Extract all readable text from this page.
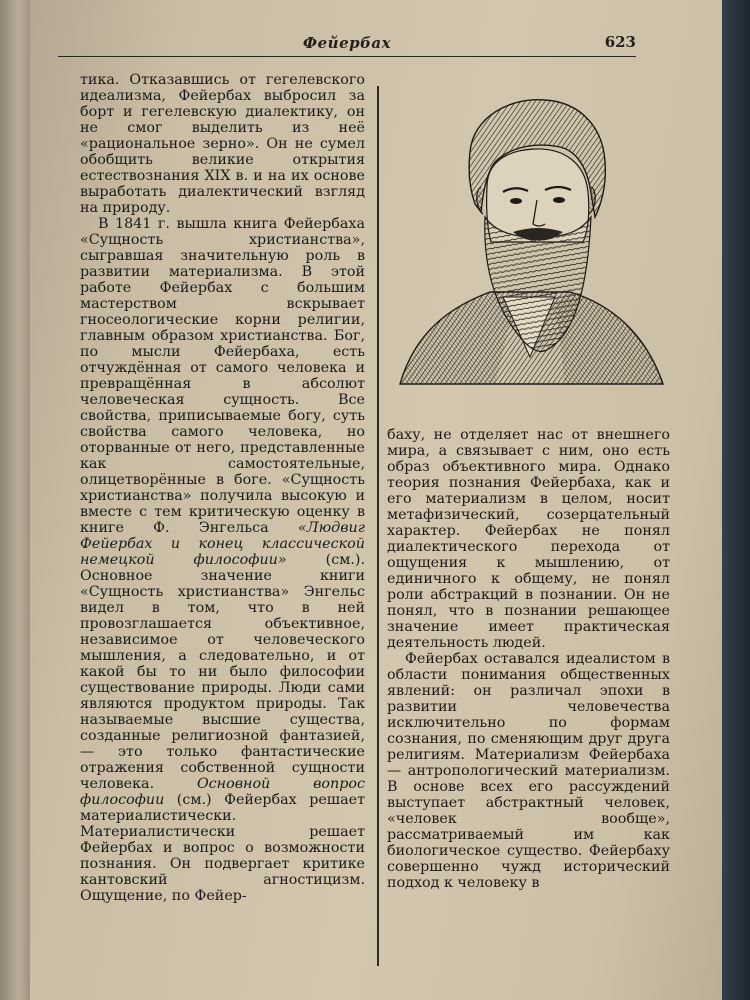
Фейербах	623

тика. Отказавшись от гегелевского идеализма, Фейербах выбросил за борт и гегелевскую диалектику, он не смог выделить из неё «рациональное зерно». Он не сумел обобщить великие открытия естествознания XIX в. и на их основе выработать диалектический взгляд на природу.

В 1841 г. вышла книга Фейербаха «Сущность христианства», сыгравшая значительную роль в развитии материализма. В этой работе Фейербах с большим мастерством вскрывает гносеологические корни религии, главным образом христианства. Бог, по мысли Фейербаха, есть отчуждённая от самого человека и превращённая в абсолют человеческая сущность. Все свойства, приписываемые богу, суть свойства самого человека, но оторванные от него, представленные как самостоятельные, олицетворённые в боге. «Сущность христианства» получила высокую и вместе с тем критическую оценку в книге Ф. Энгельса «Людвиг Фейербах и конец классической немецкой философии» (см.). Основное значение книги «Сущность христианства» Энгельс видел в том, что в ней провозглашается объективное, независимое от человеческого мышления, а следовательно, и от какой бы то ни было философии существование природы. Люди сами являются продуктом природы. Так называемые высшие существа, созданные религиозной фантазией, — это только фантастические отражения собственной сущности человека. Основной вопрос философии (см.) Фейербах решает материалистически. Материалистически решает Фейербах и вопрос о возможности познания. Он подвергает критике кантовский агностицизм. Ощущение, по Фейер-

баху, не отделяет нас от внешнего мира, а связывает с ним, оно есть образ объективного мира. Однако теория познания Фейербаха, как и его материализм в целом, носит метафизический, созерцательный характер. Фейербах не понял диалектического перехода от ощущения к мышлению, от единичного к общему, не понял роли абстракций в познании. Он не понял, что в познании решающее значение имеет практическая деятельность людей.

Фейербах оставался идеалистом в области понимания общественных явлений: он различал эпохи в развитии человечества исключительно по формам сознания, по сменяющим друг друга религиям. Материализм Фейербаха — антропологический материализм. В основе всех его рассуждений выступает абстрактный человек, «человек вообще», рассматриваемый им как биологическое существо. Фейербаху совершенно чужд исторический подход к человеку в
